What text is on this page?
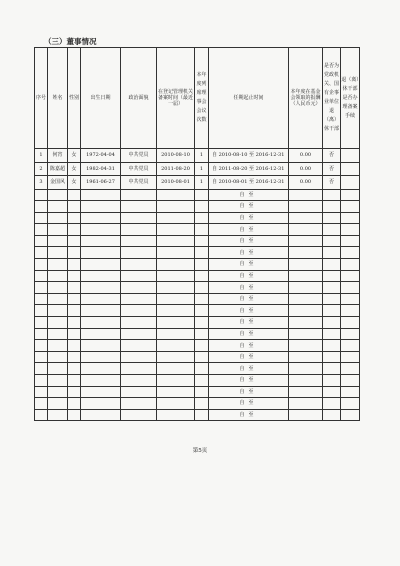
（三）董事情况
序号	姓名	性别	出生日期	政治面貌	在登记管理机关备案时间（最近一届）	本年度列席理事会会议次数	任期起止时间	本年度在基金会领取的报酬（人民币元）	是否为党政机关、国有企事业单位退（离）休干部	退（离）休干部是否办理备案手续
1	何宵	女	1972-04-04	中共党员	2010-08-10	1	自 2010-08-10 至 2016-12-31	0.00	否	
2	陈嘉超	女	1982-04-31	中共党员	2011-08-20	1	自 2011-08-20 至 2016-12-31	0.00	否	
3	金国风	女	1961-06-27	中共党员	2010-08-01	1	自 2010-08-01 至 2016-12-31	0.00	否	
							自至			
							自至			
							自至			
							自至			
							自至			
							自至			
							自至			
							自至			
							自至			
							自至			
							自至			
							自至			
							自至			
							自至			
							自至			
							自至			
							自至			
							自至			
							自至			
							自至			
第5页
